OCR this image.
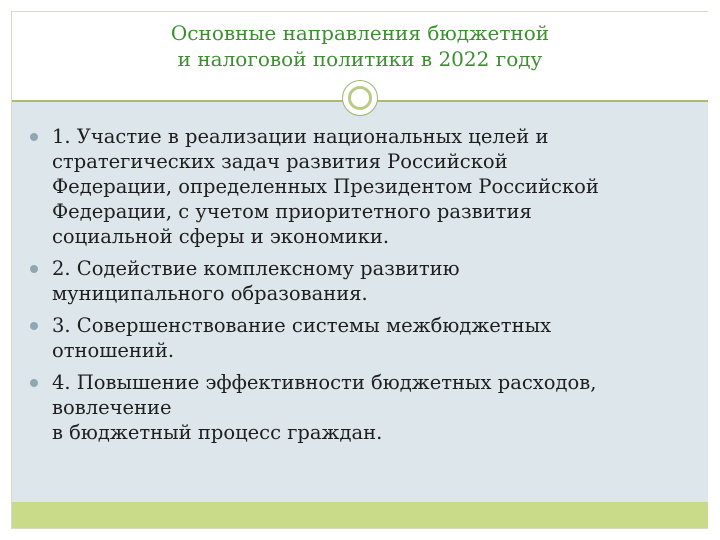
Основные направления бюджетной
и налоговой политики в 2022 году
1. Участие в реализации национальных целей и
стратегических задач развития Российской
Федерации, определенных Президентом Российской
Федерации, с учетом приоритетного развития
социальной сферы и экономики.
2. Содействие комплексному развитию
муниципального образования.
3. Совершенствование системы межбюджетных
отношений.
4. Повышение эффективности бюджетных расходов,
вовлечение
в бюджетный процесс граждан.
